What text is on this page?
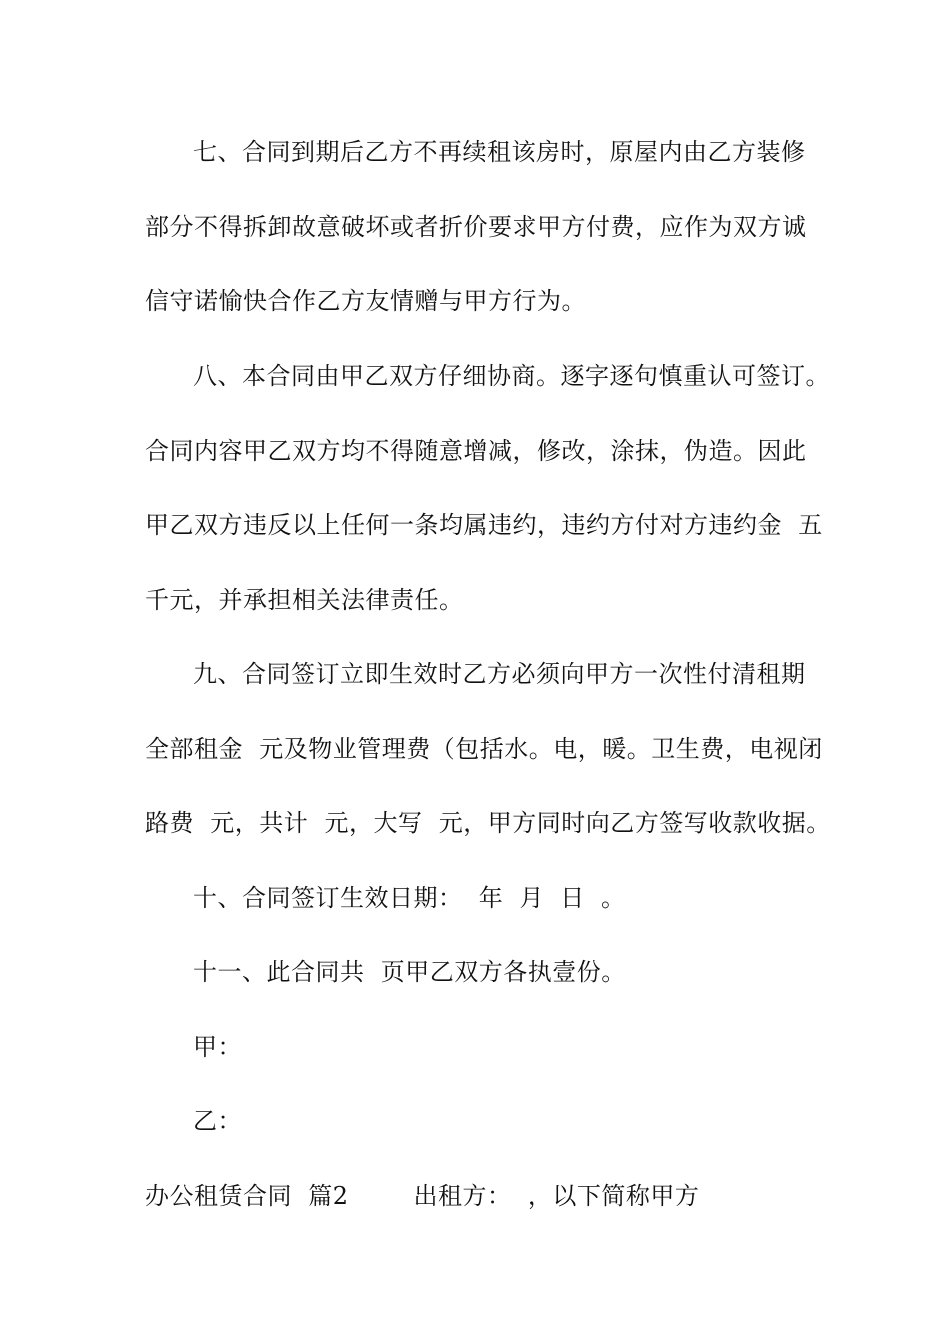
七、合同到期后乙方不再续租该房时，原屋内由乙方装修
部分不得拆卸故意破坏或者折价要求甲方付费，应作为双方诚
信守诺愉快合作乙方友情赠与甲方行为。
八、本合同由甲乙双方仔细协商。逐字逐句慎重认可签订。
合同内容甲乙双方均不得随意增减，修改，涂抹，伪造。因此
甲乙双方违反以上任何一条均属违约，违约方付对方违约金  五
千元，并承担相关法律责任。
九、合同签订立即生效时乙方必须向甲方一次性付清租期
全部租金  元及物业管理费（包括水。电，暖。卫生费，电视闭
路费  元，共计  元，大写  元，甲方同时向乙方签写收款收据。
十、合同签订生效日期：  年  月  日  。
十一、此合同共  页甲乙双方各执壹份。
甲：
乙：
办公租赁合同  篇2        出租方：  ，以下简称甲方
